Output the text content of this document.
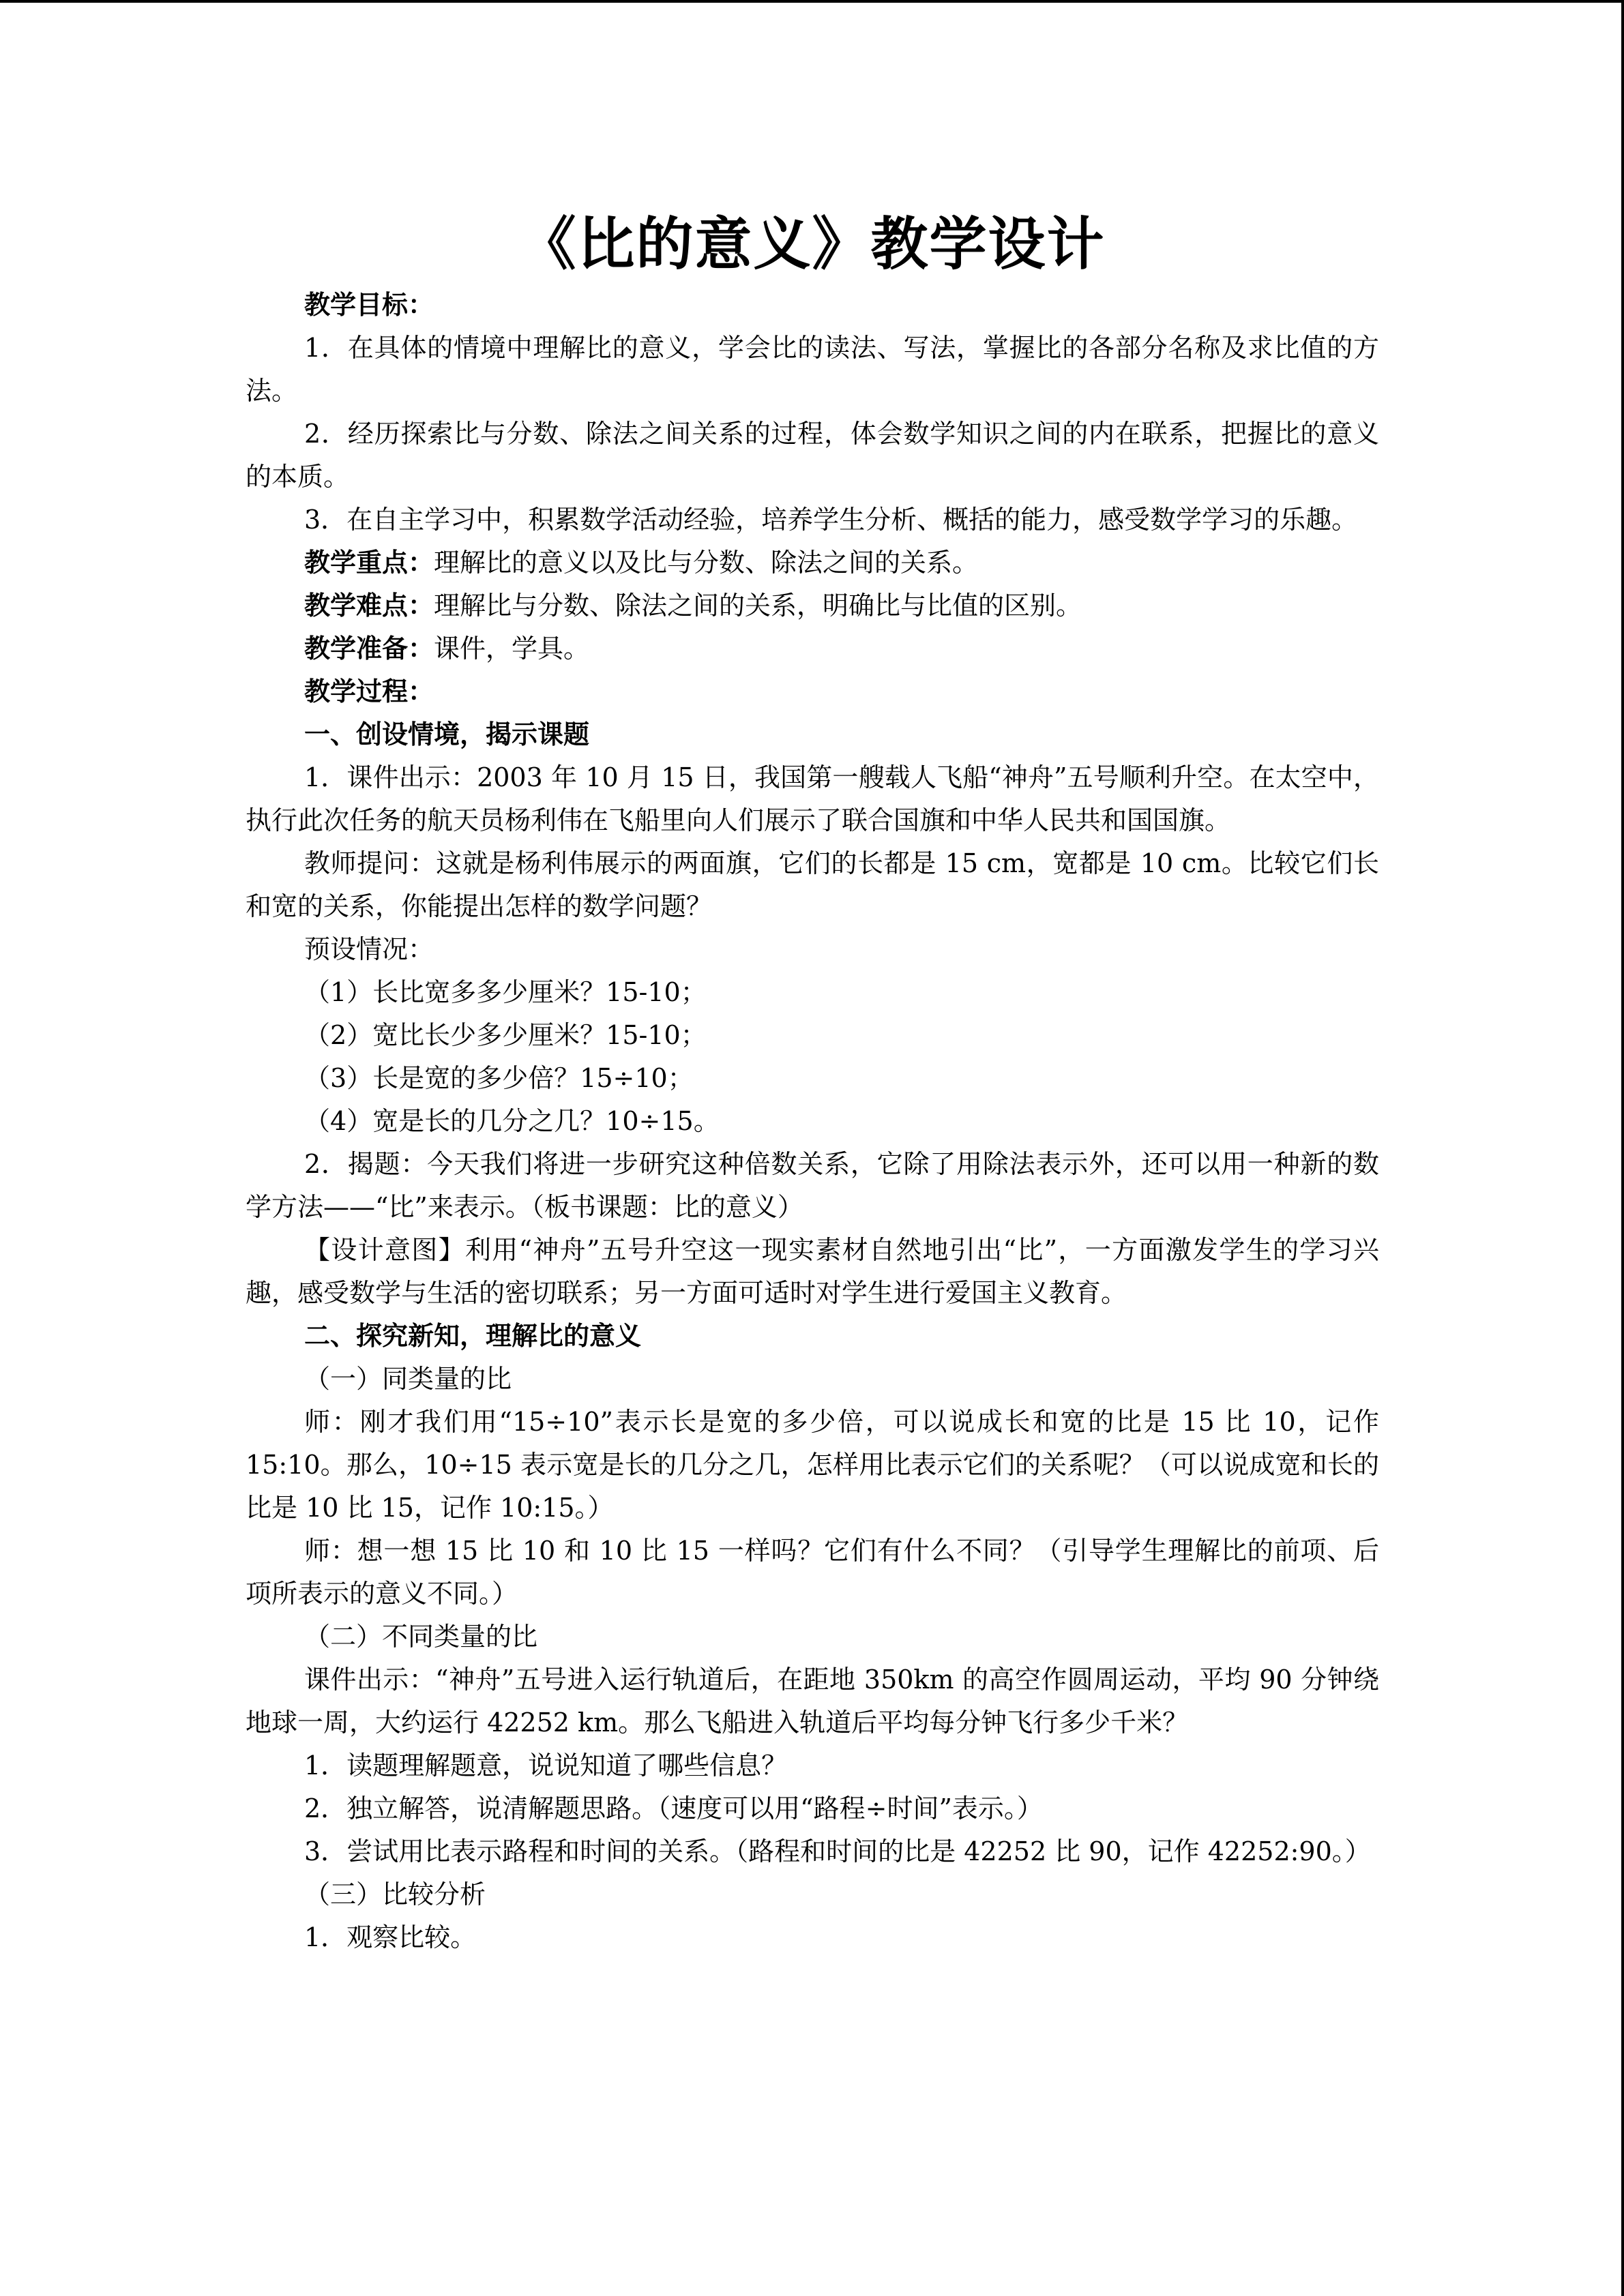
《比的意义》教学设计

教学目标：

1．在具体的情境中理解比的意义，学会比的读法、写法，掌握比的各部分名称及求比值的方法。

2．经历探索比与分数、除法之间关系的过程，体会数学知识之间的内在联系，把握比的意义的本质。

3．在自主学习中，积累数学活动经验，培养学生分析、概括的能力，感受数学学习的乐趣。

教学重点：理解比的意义以及比与分数、除法之间的关系。

教学难点：理解比与分数、除法之间的关系，明确比与比值的区别。

教学准备：课件，学具。

教学过程：

一、创设情境，揭示课题

1．课件出示：2003 年 10 月 15 日，我国第一艘载人飞船“神舟”五号顺利升空。在太空中，执行此次任务的航天员杨利伟在飞船里向人们展示了联合国旗和中华人民共和国国旗。

教师提问：这就是杨利伟展示的两面旗，它们的长都是 15 cm，宽都是 10 cm。比较它们长和宽的关系，你能提出怎样的数学问题？

预设情况：

（1）长比宽多多少厘米？15-10；

（2）宽比长少多少厘米？15-10；

（3）长是宽的多少倍？15÷10；

（4）宽是长的几分之几？10÷15。

2．揭题：今天我们将进一步研究这种倍数关系，它除了用除法表示外，还可以用一种新的数学方法——“比”来表示。（板书课题：比的意义）

【设计意图】利用“神舟”五号升空这一现实素材自然地引出“比”，一方面激发学生的学习兴趣，感受数学与生活的密切联系；另一方面可适时对学生进行爱国主义教育。

二、探究新知，理解比的意义

（一）同类量的比

师：刚才我们用“15÷10”表示长是宽的多少倍，可以说成长和宽的比是 15 比 10，记作 15:10。那么，10÷15 表示宽是长的几分之几，怎样用比表示它们的关系呢？（可以说成宽和长的比是 10 比 15，记作 10:15。）

师：想一想 15 比 10 和 10 比 15 一样吗？它们有什么不同？（引导学生理解比的前项、后项所表示的意义不同。）

（二）不同类量的比

课件出示：“神舟”五号进入运行轨道后，在距地 350km 的高空作圆周运动，平均 90 分钟绕地球一周，大约运行 42252 km。那么飞船进入轨道后平均每分钟飞行多少千米？

1．读题理解题意，说说知道了哪些信息？

2．独立解答，说清解题思路。（速度可以用“路程÷时间”表示。）

3．尝试用比表示路程和时间的关系。（路程和时间的比是 42252 比 90，记作 42252:90。）

（三）比较分析

1．观察比较。
